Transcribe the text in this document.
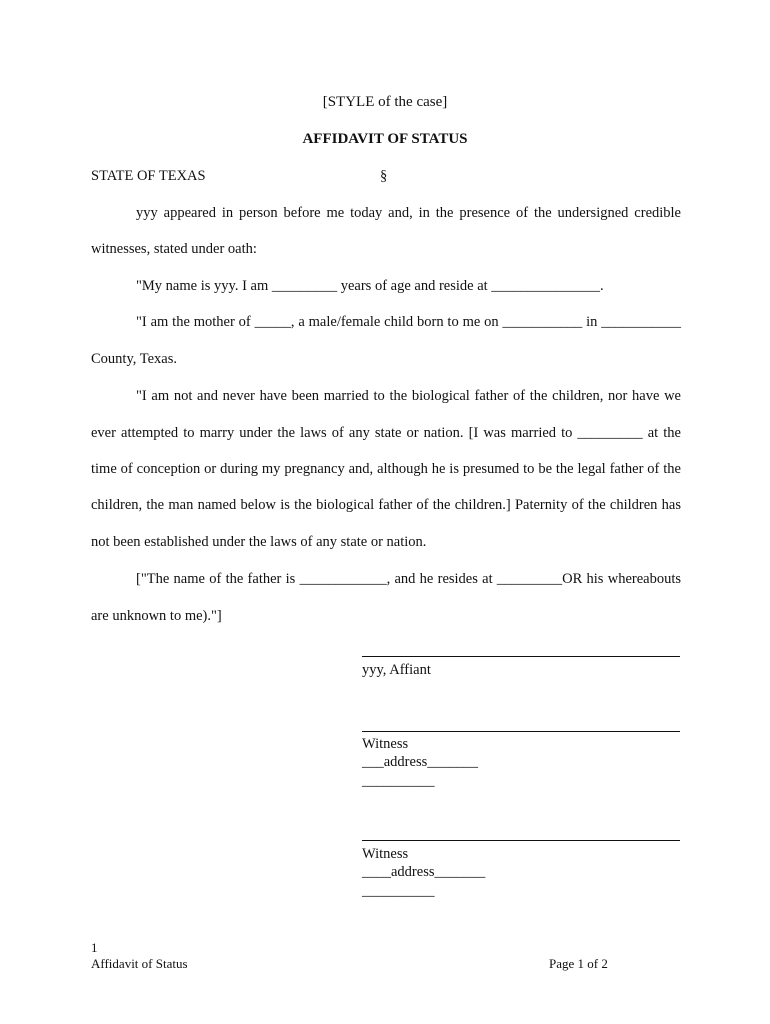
[STYLE of the case]
AFFIDAVIT OF STATUS
STATE OF TEXAS	§
yyy appeared in person before me today and, in the presence of the undersigned credible
witnesses, stated under oath:
"My name is yyy. I am _________ years of age and reside at _______________.
"I am the mother of _____, a male/female child born to me on ___________ in ___________
County, Texas.
"I am not and never have been married to the biological father of the children, nor have we
ever attempted to marry under the laws of any state or nation. [I was married to _________ at the
time of conception or during my pregnancy and, although he is presumed to be the legal father of the
children, the man named below is the biological father of the children.] Paternity of the children has
not been established under the laws of any state or nation.
["The name of the father is ____________, and he resides at _________OR his whereabouts
are unknown to me)."]
yyy, Affiant
Witness
___address_______
__________
Witness
____address_______
__________
1
Affidavit of Status	Page 1 of 2
